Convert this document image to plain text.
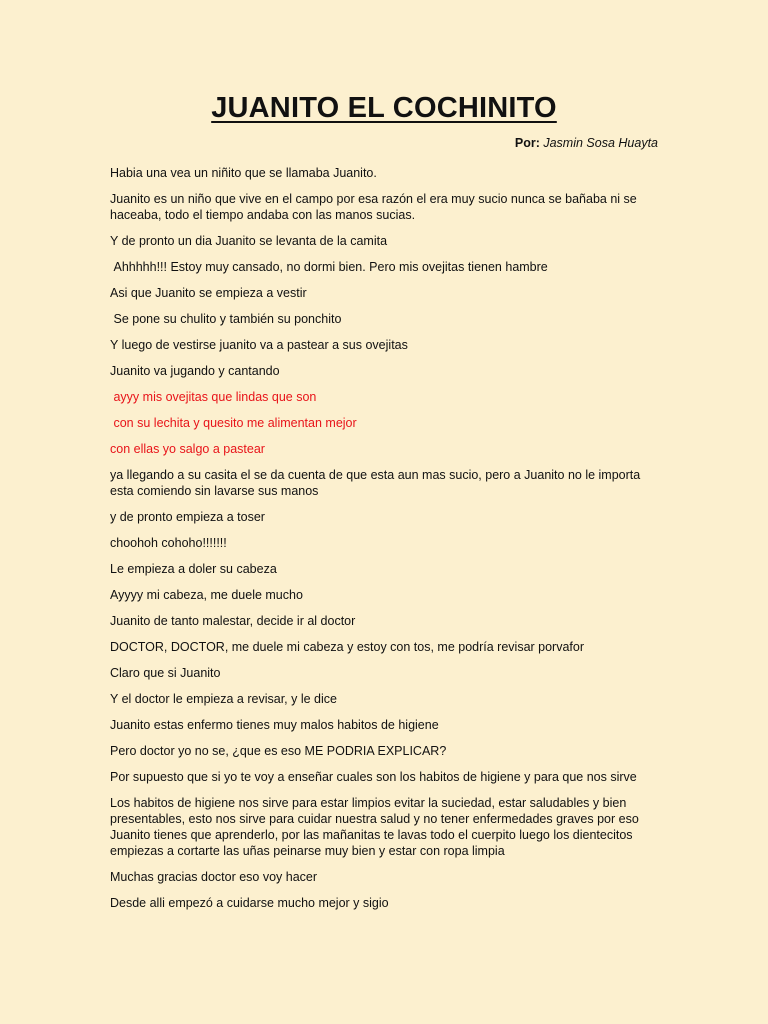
JUANITO EL COCHINITO

Por: Jasmin Sosa Huayta

Habia una vea un niñito que se llamaba Juanito.

Juanito es un niño que vive en el campo por esa razón el era muy sucio nunca se bañaba ni se haceaba, todo el tiempo andaba con las manos sucias.

Y de pronto un dia Juanito se levanta de la camita

Ahhhhh!!! Estoy muy cansado, no dormi bien. Pero mis ovejitas tienen hambre

Asi que Juanito se empieza a vestir

Se pone su chulito y también su ponchito

Y luego de vestirse juanito va a pastear a sus ovejitas

Juanito va jugando y cantando

ayyy mis ovejitas que lindas que son

con su lechita y quesito me alimentan mejor

con ellas yo salgo a pastear

ya llegando a su casita el se da cuenta de que esta aun mas sucio, pero a Juanito no le importa esta comiendo sin lavarse sus manos

y de pronto empieza a toser

choohoh cohoho!!!!!!!

Le empieza a doler su cabeza

Ayyyy mi cabeza, me duele mucho

Juanito de tanto malestar, decide ir al doctor

DOCTOR, DOCTOR, me duele mi cabeza y estoy con tos, me podría revisar porvafor

Claro que si Juanito

Y el doctor le empieza a revisar, y le dice

Juanito estas enfermo tienes muy malos habitos de higiene

Pero doctor yo no se, ¿que es eso ME PODRIA EXPLICAR?

Por supuesto que si yo te voy a enseñar cuales son los habitos de higiene y para que nos sirve

Los habitos de higiene nos sirve para estar limpios evitar la suciedad, estar saludables y bien presentables, esto nos sirve para cuidar nuestra salud y no tener enfermedades graves por eso Juanito tienes que aprenderlo, por las mañanitas te lavas todo el cuerpito luego los dientecitos empiezas a cortarte las uñas peinarse muy bien y estar con ropa limpia

Muchas gracias doctor eso voy hacer

Desde alli empezó a cuidarse mucho mejor y sigio
